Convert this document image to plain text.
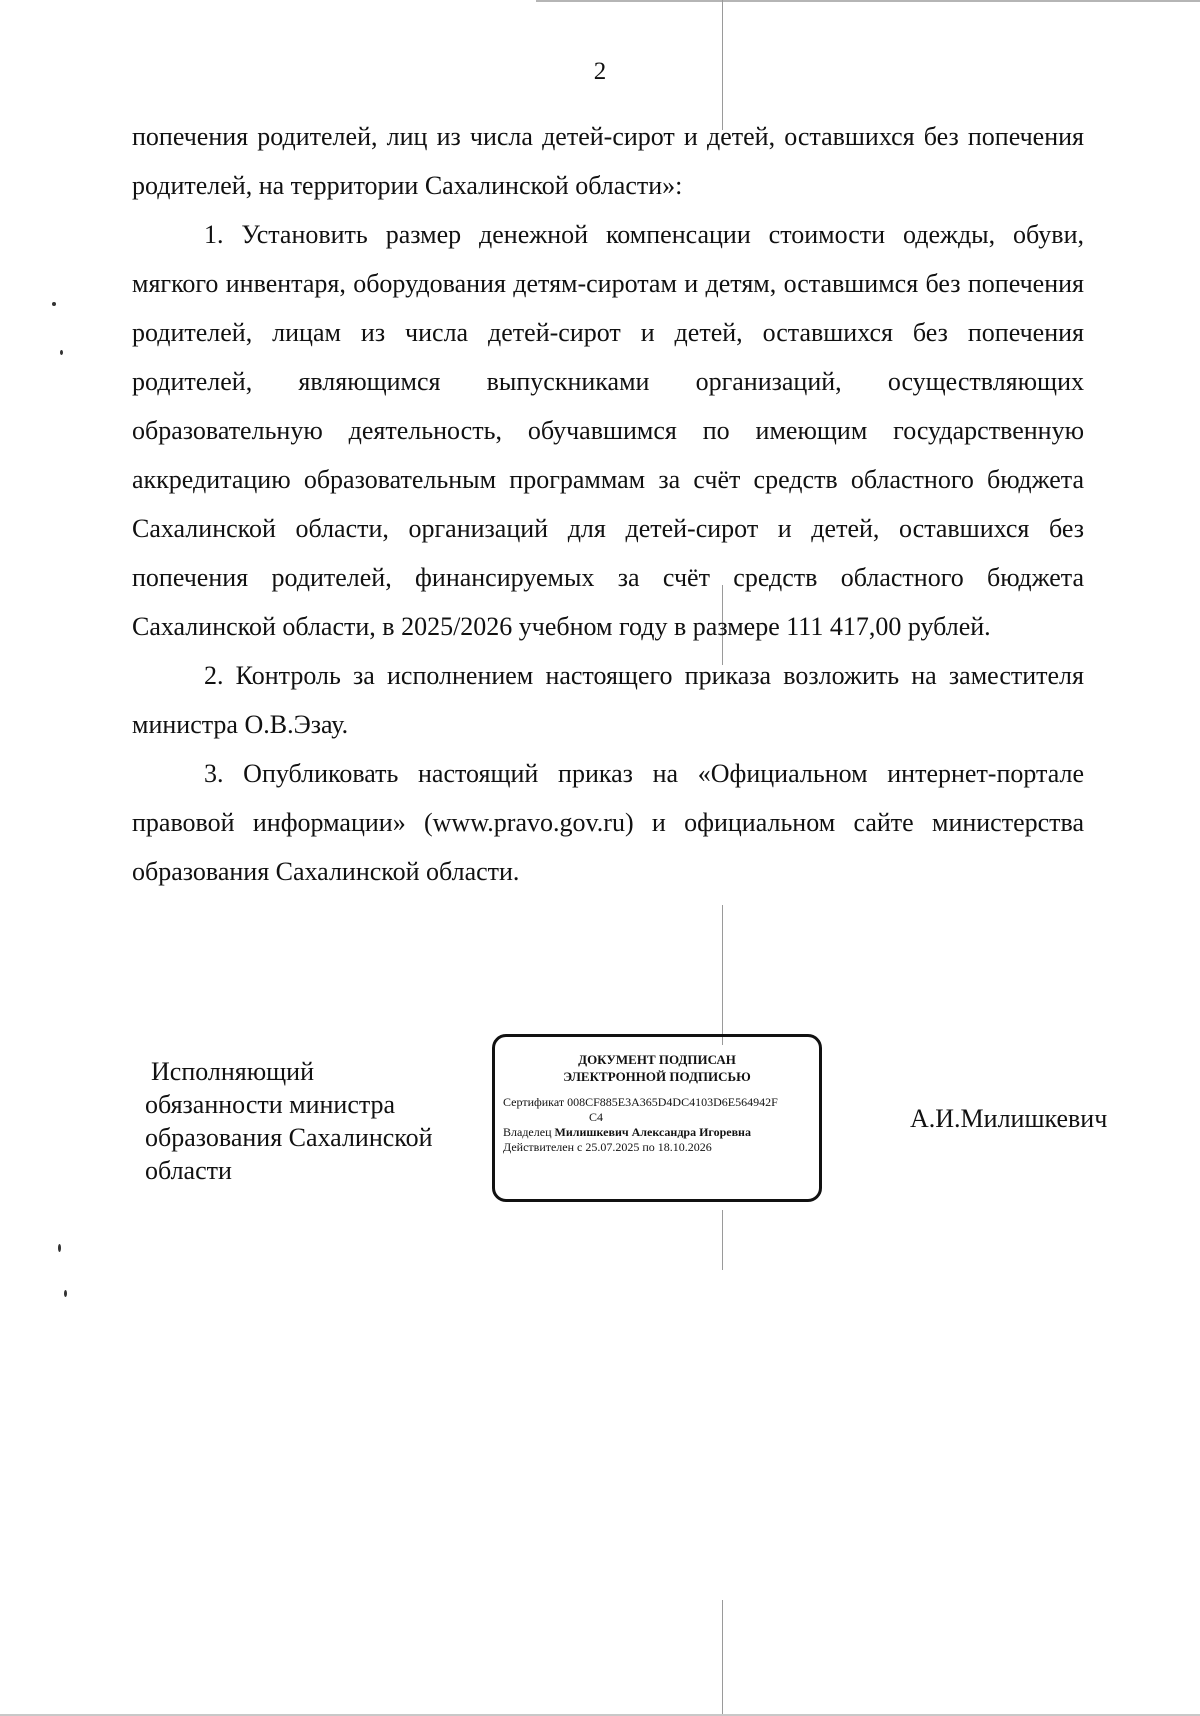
2

попечения родителей, лиц из числа детей-сирот и детей, оставшихся без попечения родителей, на территории Сахалинской области»:

1. Установить размер денежной компенсации стоимости одежды, обуви, мягкого инвентаря, оборудования детям-сиротам и детям, оставшимся без попечения родителей, лицам из числа детей-сирот и детей, оставшихся без попечения родителей, являющимся выпускниками организаций, осуществляющих образовательную деятельность, обучавшимся по имеющим государственную аккредитацию образовательным программам за счёт средств областного бюджета Сахалинской области, организаций для детей-сирот и детей, оставшихся без попечения родителей, финансируемых за счёт средств областного бюджета Сахалинской области, в 2025/2026 учебном году в размере 111 417,00 рублей.

2. Контроль за исполнением настоящего приказа возложить на заместителя министра О.В.Эзау.

3. Опубликовать настоящий приказ на «Официальном интернет-портале правовой информации» (www.pravo.gov.ru) и официальном сайте министерства образования Сахалинской области.

Исполняющий
обязанности министра
образования Сахалинской
области
ДОКУМЕНТ ПОДПИСАН
ЭЛЕКТРОННОЙ ПОДПИСЬЮ
Сертификат 008CF885E3A365D4DC4103D6E564942F
C4
Владелец Милишкевич Александра Игоревна
Действителен с 25.07.2025 по 18.10.2026
А.И.Милишкевич
